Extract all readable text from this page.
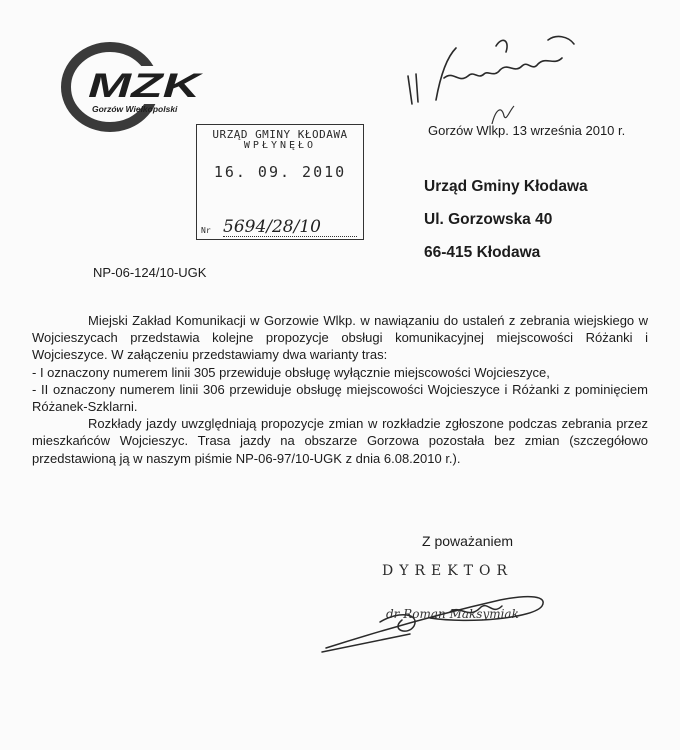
MZK
Gorzów Wielkopolski
URZĄD GMINY KŁODAWA
WPŁYNĘŁO
16. 09. 2010
Nr 5694/28/10
Gorzów Wlkp. 13 września 2010 r.
Urząd Gminy Kłodawa
Ul. Gorzowska 40
66-415 Kłodawa
NP-06-124/10-UGK

Miejski Zakład Komunikacji w Gorzowie Wlkp. w nawiązaniu do ustaleń z zebrania wiejskiego w Wojcieszycach przedstawia kolejne propozycje obsługi komunikacyjnej miejscowości Różanki i Wojcieszyce. W załączeniu przedstawiamy dwa warianty tras:

- I oznaczony numerem linii 305 przewiduje obsługę wyłącznie miejscowości Wojcieszyce,

- II oznaczony numerem linii 306 przewiduje obsługę miejscowości Wojcieszyce i Różanki z pominięciem Różanek-Szklarni.

Rozkłady jazdy uwzględniają propozycje zmian w rozkładzie zgłoszone podczas zebrania przez mieszkańców Wojcieszyc. Trasa jazdy na obszarze Gorzowa pozostała bez zmian (szczegółowo przedstawioną ją w naszym piśmie NP-06-97/10-UGK z dnia 6.08.2010 r.).

Z poważaniem
DYREKTOR
dr Roman Maksymiak
